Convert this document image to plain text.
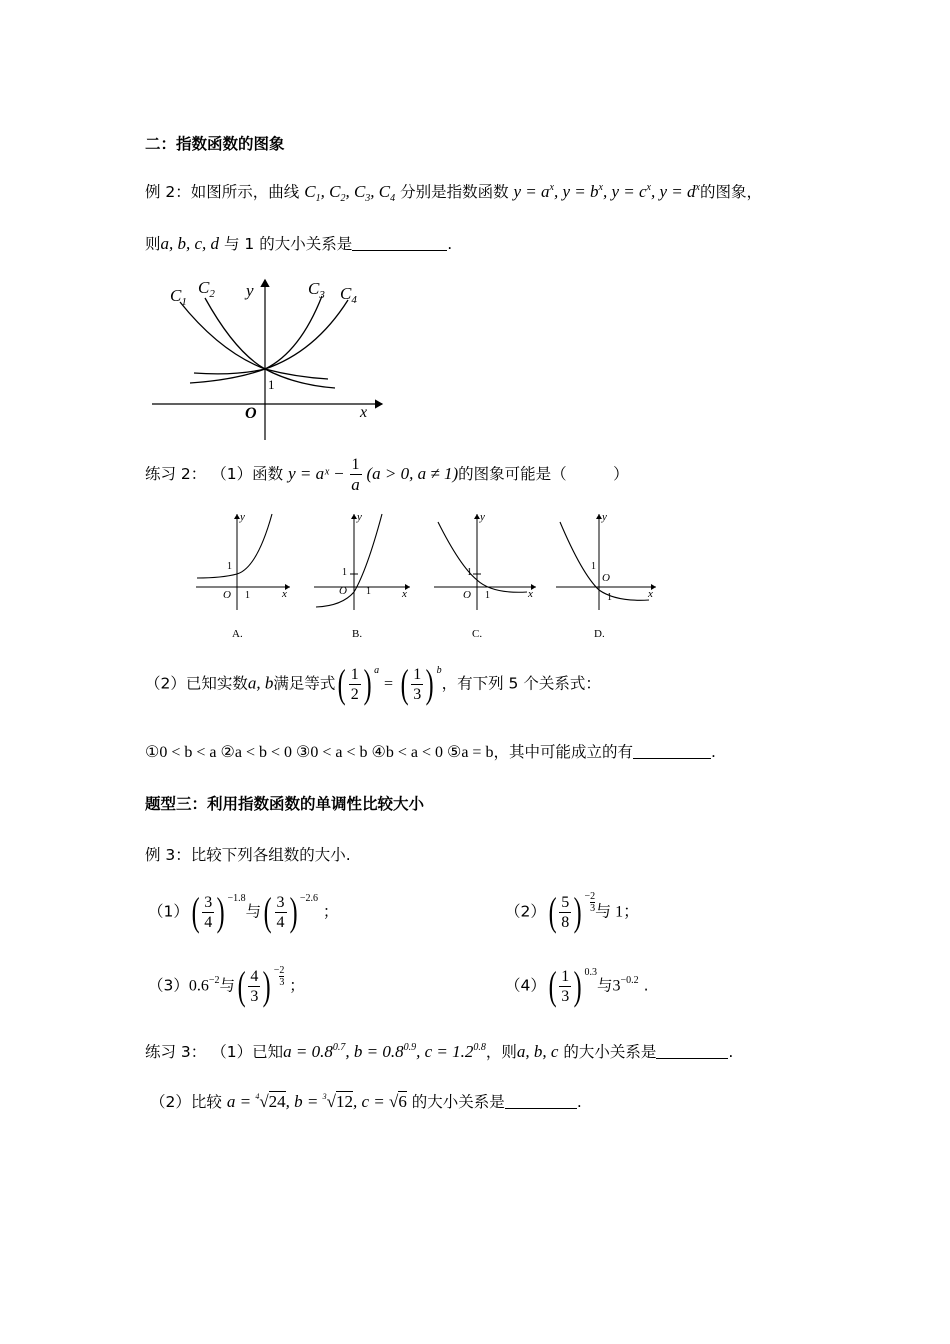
二：指数函数的图象
例 2：如图所示，曲线 $C_1$, $C_2$, $C_3$, $C_4$ 分别是指数函数 $y = a^x$, $y = b^x$, $y = c^x$, $y = d^x$的图象，
则a, b, c, d 与 1 的大小关系是	.
$C_1$
$C_2$	$C_3$ $C_4$
y
x
O
1
练习 2： （1）函数 y = aˣ − $\frac{1}{a} (a > 0$, a ≠ 1)的图象可能是（　　　）
y
x
O
1
1
A.
y
x
O
1
1
B.
y
x
O
1
1
C.
y
x
O
1
1
D.
（2）已知实数a, b满足等式( $\frac{1}{2}$ ) $^a$ = ( $\frac{1}{3}$ ) $^b$，有下列 5 个关系式：
①0 < b < a ②a < b < 0 ③0 < a < b ④b < a < 0 ⑤a = b，其中可能成立的有	.
题型三：利用指数函数的单调性比较大小
例 3：比较下列各组数的大小.
$(1)( \frac{3}{4}$ ) $^{-1.8}$与( $\frac{3}{4}$ ) $^{-2.6}$ ；	$(2)( \frac{5}{8}$ ) − $\frac{2}{3}$ 与 1；
$(3)0.6^{-2}$与( $\frac{4}{3}$ ) − $\frac{2}{3}$ ；	$(4)( \frac{1}{3}$ ) $^{0.3}$与$3^{-0.2}$ .
练习 3： （1）已知$a = 0.8^{0.7}$, $b = 0.8^{0.9}$, $c = 1.2^{0.8}$，则a, b, c 的大小关系是	.
（2）比较 a = $^4$√24, b = $^3$√12, c = √6 的大小关系是	.
